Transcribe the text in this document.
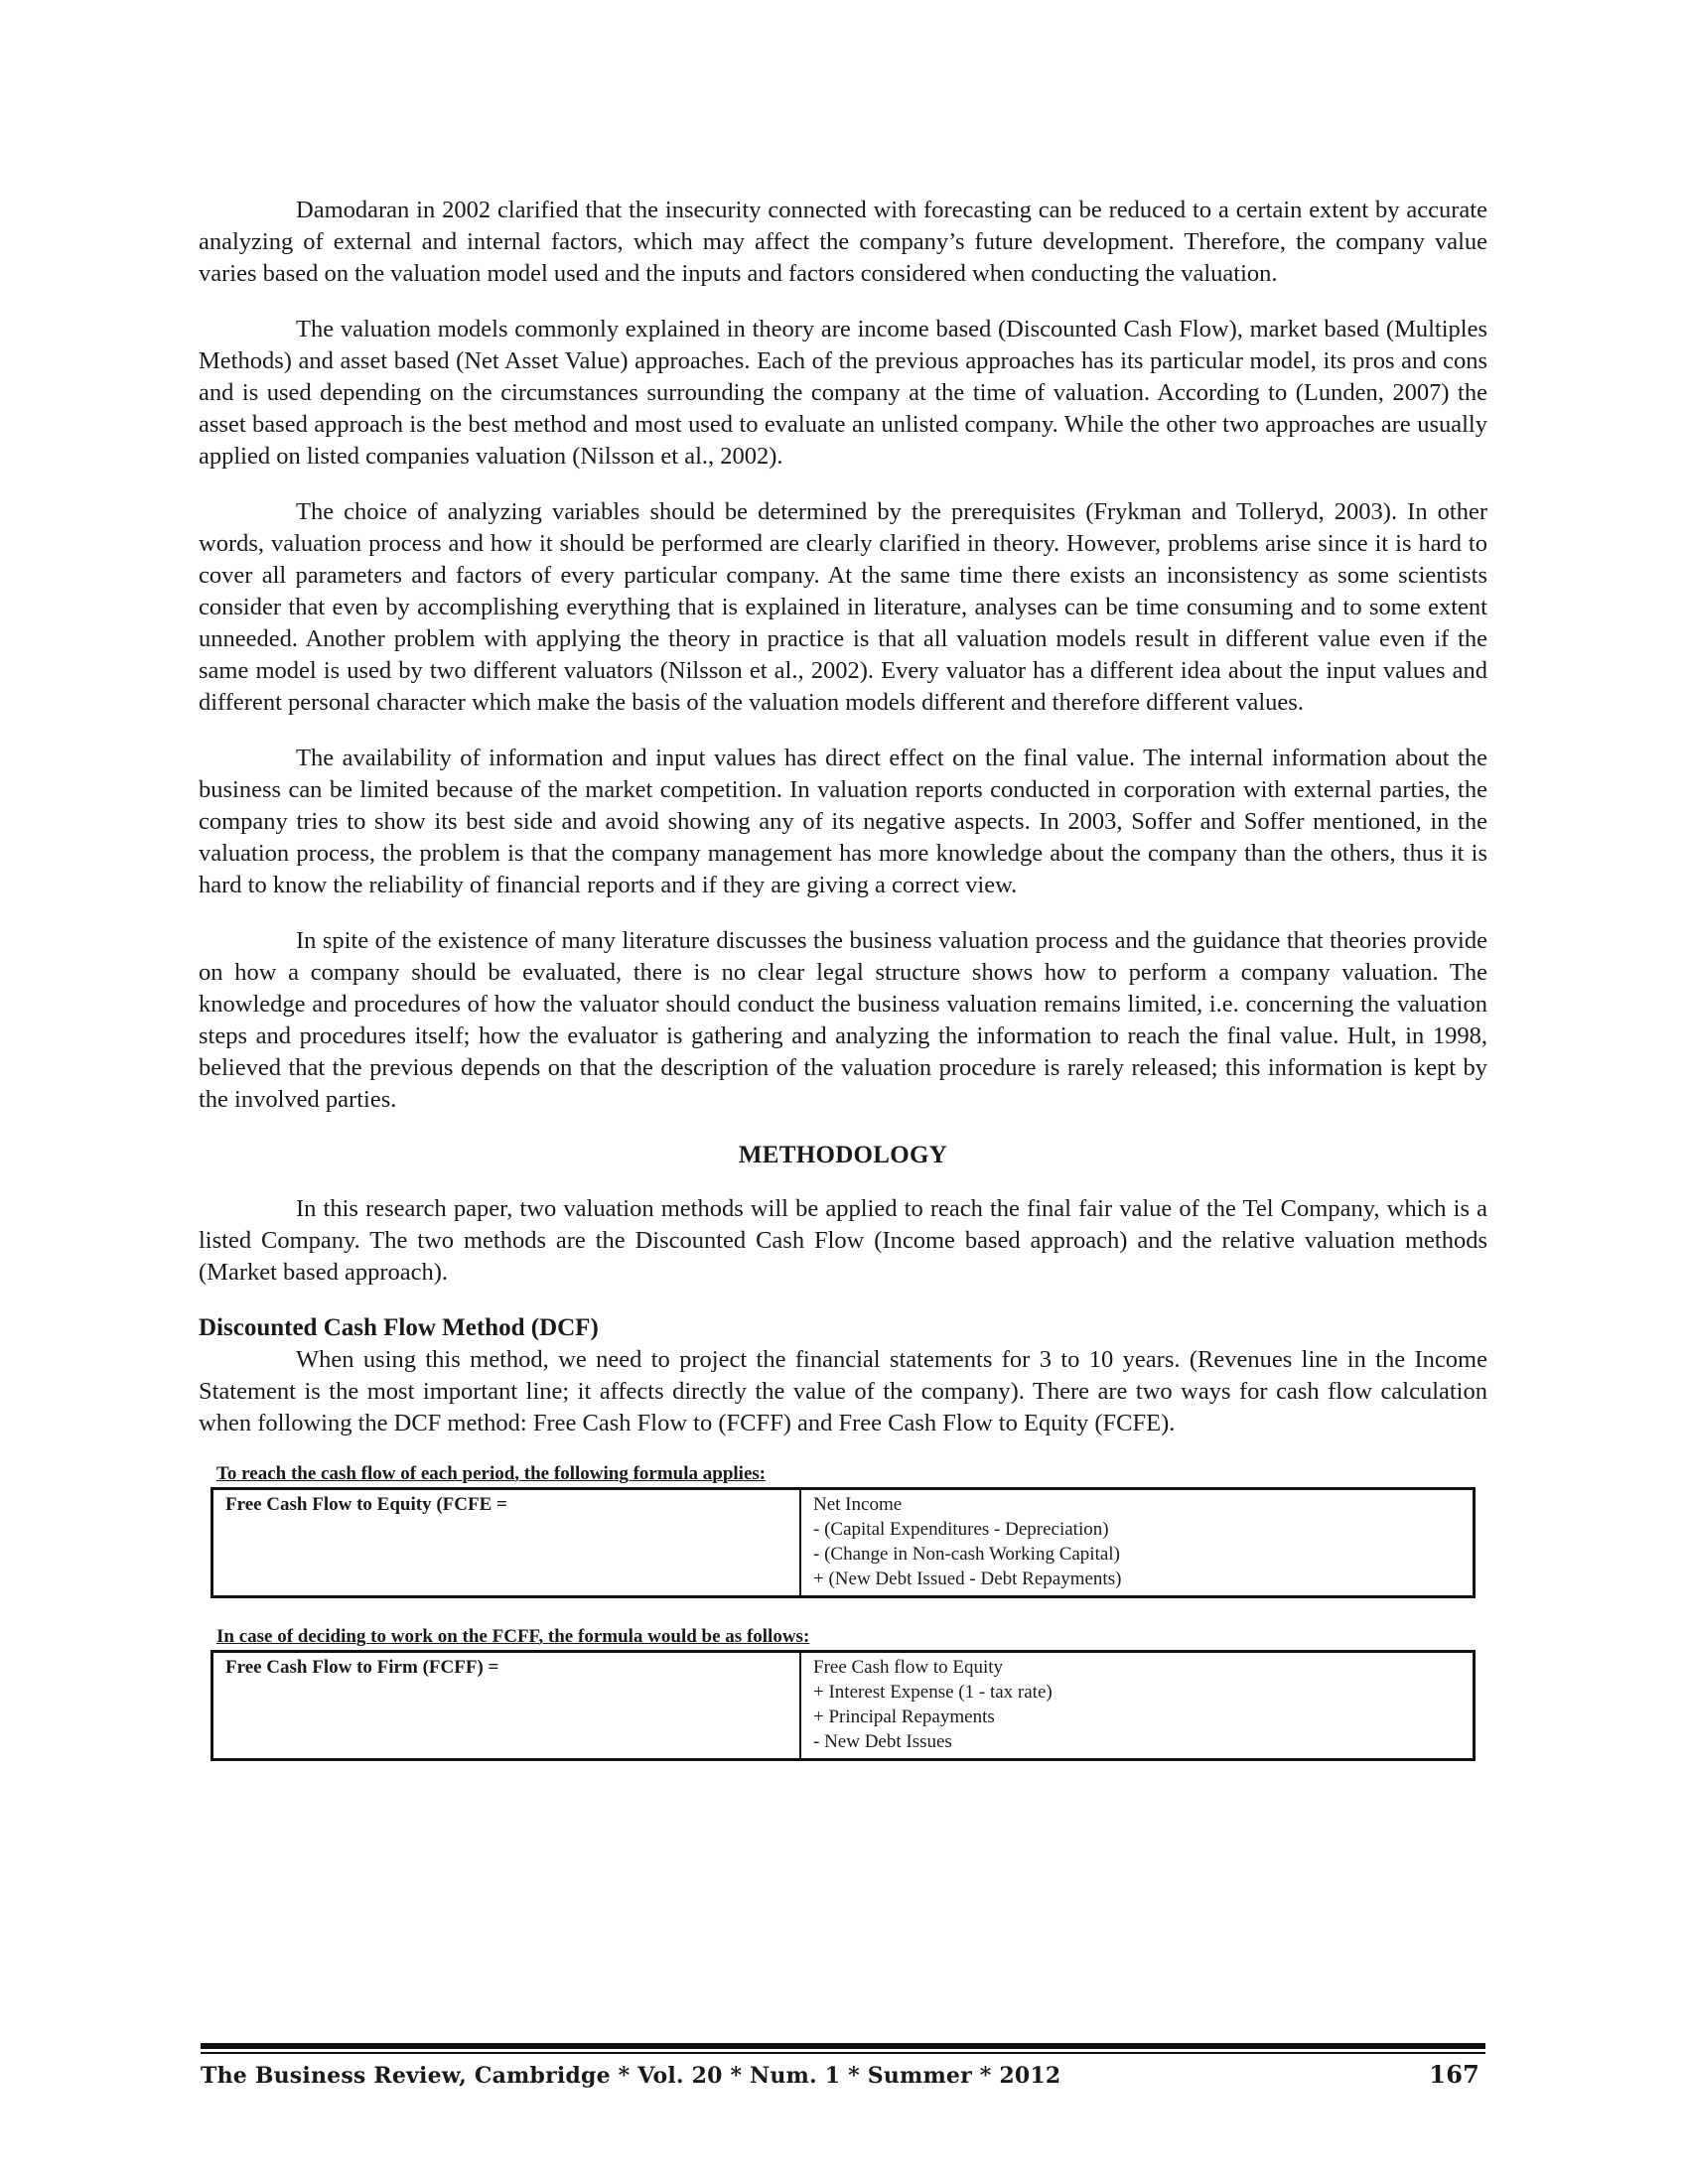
Damodaran in 2002 clarified that the insecurity connected with forecasting can be reduced to a certain extent by accurate analyzing of external and internal factors, which may affect the company’s future development. Therefore, the company value varies based on the valuation model used and the inputs and factors considered when conducting the valuation.

The valuation models commonly explained in theory are income based (Discounted Cash Flow), market based (Multiples Methods) and asset based (Net Asset Value) approaches. Each of the previous approaches has its particular model, its pros and cons and is used depending on the circumstances surrounding the company at the time of valuation. According to (Lunden, 2007) the asset based approach is the best method and most used to evaluate an unlisted company. While the other two approaches are usually applied on listed companies valuation (Nilsson et al., 2002).

The choice of analyzing variables should be determined by the prerequisites (Frykman and Tolleryd, 2003). In other words, valuation process and how it should be performed are clearly clarified in theory. However, problems arise since it is hard to cover all parameters and factors of every particular company. At the same time there exists an inconsistency as some scientists consider that even by accomplishing everything that is explained in literature, analyses can be time consuming and to some extent unneeded. Another problem with applying the theory in practice is that all valuation models result in different value even if the same model is used by two different valuators (Nilsson et al., 2002). Every valuator has a different idea about the input values and different personal character which make the basis of the valuation models different and therefore different values.

The availability of information and input values has direct effect on the final value. The internal information about the business can be limited because of the market competition. In valuation reports conducted in corporation with external parties, the company tries to show its best side and avoid showing any of its negative aspects. In 2003, Soffer and Soffer mentioned, in the valuation process, the problem is that the company management has more knowledge about the company than the others, thus it is hard to know the reliability of financial reports and if they are giving a correct view.

In spite of the existence of many literature discusses the business valuation process and the guidance that theories provide on how a company should be evaluated, there is no clear legal structure shows how to perform a company valuation. The knowledge and procedures of how the valuator should conduct the business valuation remains limited, i.e. concerning the valuation steps and procedures itself; how the evaluator is gathering and analyzing the information to reach the final value. Hult, in 1998, believed that the previous depends on that the description of the valuation procedure is rarely released; this information is kept by the involved parties.

METHODOLOGY

In this research paper, two valuation methods will be applied to reach the final fair value of the Tel Company, which is a listed Company. The two methods are the Discounted Cash Flow (Income based approach) and the relative valuation methods (Market based approach).

Discounted Cash Flow Method (DCF)

When using this method, we need to project the financial statements for 3 to 10 years. (Revenues line in the Income Statement is the most important line; it affects directly the value of the company). There are two ways for cash flow calculation when following the DCF method: Free Cash Flow to (FCFF) and Free Cash Flow to Equity (FCFE).

To reach the cash flow of each period, the following formula applies:
Free Cash Flow to Equity (FCFE =	Net Income
- (Capital Expenditures - Depreciation)
- (Change in Non-cash Working Capital)
+ (New Debt Issued - Debt Repayments)
In case of deciding to work on the FCFF, the formula would be as follows:
Free Cash Flow to Firm (FCFF) =	Free Cash flow to Equity
+ Interest Expense (1 - tax rate)
+ Principal Repayments
- New Debt Issues
The Business Review, Cambridge * Vol. 20 * Num. 1 * Summer * 2012	167
